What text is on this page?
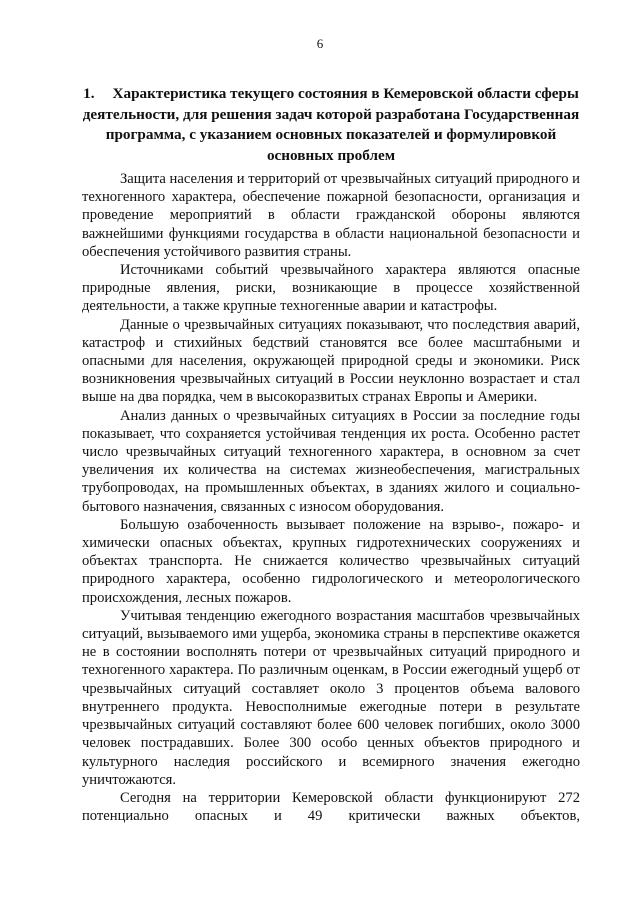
6
1. Характеристика текущего состояния в Кемеровской области сферы деятельности, для решения задач которой разработана Государственная программа, с указанием основных показателей и формулировкой основных проблем

Защита населения и территорий от чрезвычайных ситуаций природного и техногенного характера, обеспечение пожарной безопасности, организация и проведение мероприятий в области гражданской обороны являются важнейшими функциями государства в области национальной безопасности и обеспечения устойчивого развития страны.

Источниками событий чрезвычайного характера являются опасные природные явления, риски, возникающие в процессе хозяйственной деятельности, а также крупные техногенные аварии и катастрофы.

Данные о чрезвычайных ситуациях показывают, что последствия аварий, катастроф и стихийных бедствий становятся все более масштабными и опасными для населения, окружающей природной среды и экономики. Риск возникновения чрезвычайных ситуаций в России неуклонно возрастает и стал выше на два порядка, чем в высокоразвитых странах Европы и Америки.

Анализ данных о чрезвычайных ситуациях в России за последние годы показывает, что сохраняется устойчивая тенденция их роста. Особенно растет число чрезвычайных ситуаций техногенного характера, в основном за счет увеличения их количества на системах жизнеобеспечения, магистральных трубопроводах, на промышленных объектах, в зданиях жилого и социально-бытового назначения, связанных с износом оборудования.

Большую озабоченность вызывает положение на взрыво-, пожаро- и химически опасных объектах, крупных гидротехнических сооружениях и объектах транспорта. Не снижается количество чрезвычайных ситуаций природного характера, особенно гидрологического и метеорологического происхождения, лесных пожаров.

Учитывая тенденцию ежегодного возрастания масштабов чрезвычайных ситуаций, вызываемого ими ущерба, экономика страны в перспективе окажется не в состоянии восполнять потери от чрезвычайных ситуаций природного и техногенного характера. По различным оценкам, в России ежегодный ущерб от чрезвычайных ситуаций составляет около 3 процентов объема валового внутреннего продукта. Невосполнимые ежегодные потери в результате чрезвычайных ситуаций составляют более 600 человек погибших, около 3000 человек пострадавших. Более 300 особо ценных объектов природного и культурного наследия российского и всемирного значения ежегодно уничтожаются.

Сегодня на территории Кемеровской области функционируют 272 потенциально опасных и 49 критически важных объектов,
